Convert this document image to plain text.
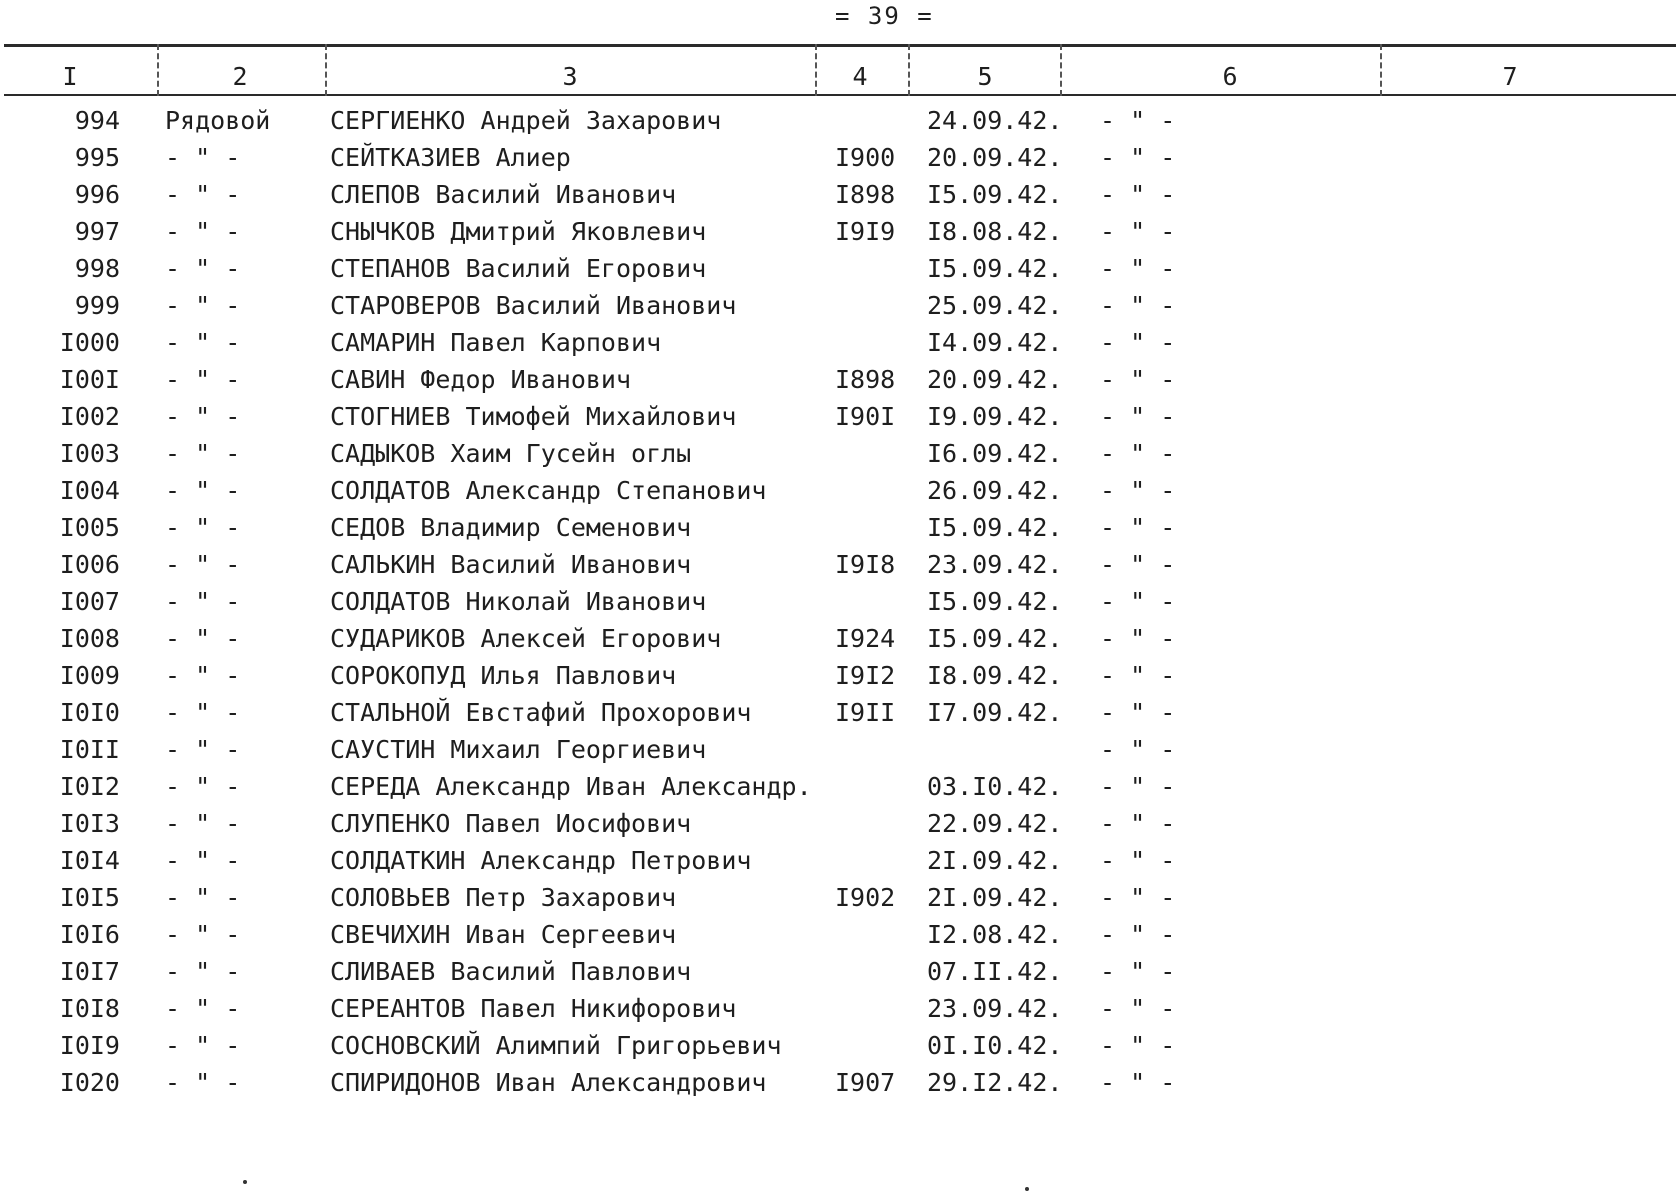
= 39 =
I	2	3	4	5	6	7
994 Рядовой СЕРГИЕНКО Андрей Захарович	24.09.42. - " -
995 - " -	СЕЙТКАЗИЕВ Алиер	I900 20.09.42. - " -
996 - " -	СЛЕПОВ Василий Иванович	I898 I5.09.42. - " -
997 - " -	СНЫЧКОВ Дмитрий Яковлевич	I9I9 I8.08.42. - " -
998 - " -	СТЕПАНОВ Василий Егорович	I5.09.42. - " -
999 - " -	СТАРОВЕРОВ Василий Иванович	25.09.42. - " -
I000 - " -	САМАРИН Павел Карпович	I4.09.42. - " -
I00I - " -	САВИН Федор Иванович	I898 20.09.42. - " -
I002 - " -	СТОГНИЕВ Тимофей Михайлович	I90I I9.09.42. - " -
I003 - " -	САДЫКОВ Хаим Гусейн оглы	I6.09.42. - " -
I004 - " -	СОЛДАТОВ Александр Степанович	26.09.42. - " -
I005 - " -	СЕДОВ Владимир Семенович	I5.09.42. - " -
I006 - " -	САЛЬКИН Василий Иванович	I9I8 23.09.42. - " -
I007 - " -	СОЛДАТОВ Николай Иванович	I5.09.42. - " -
I008 - " -	СУДАРИКОВ Алексей Егорович	I924 I5.09.42. - " -
I009 - " -	СОРОКОПУД Илья Павлович	I9I2 I8.09.42. - " -
I0I0 - " -	СТАЛЬНОЙ Евстафий Прохорович	I9II I7.09.42. - " -
I0II - " -	САУСТИН Михаил Георгиевич	- " -
I0I2 - " -	СЕРЕДА Александр Иван Александр.	03.I0.42. - " -
I0I3 - " -	СЛУПЕНКО Павел Иосифович	22.09.42. - " -
I0I4 - " -	СОЛДАТКИН Александр Петрович	2I.09.42. - " -
I0I5 - " -	СОЛОВЬЕВ Петр Захарович	I902 2I.09.42. - " -
I0I6 - " -	СВЕЧИХИН Иван Сергеевич	I2.08.42. - " -
I0I7 - " -	СЛИВАЕВ Василий Павлович	07.II.42. - " -
I0I8 - " -	СЕРЕАНТОВ Павел Никифорович	23.09.42. - " -
I0I9 - " -	СОСНОВСКИЙ Алимпий Григорьевич	0I.I0.42. - " -
I020 - " -	СПИРИДОНОВ Иван Александрович	I907 29.I2.42. - " -
